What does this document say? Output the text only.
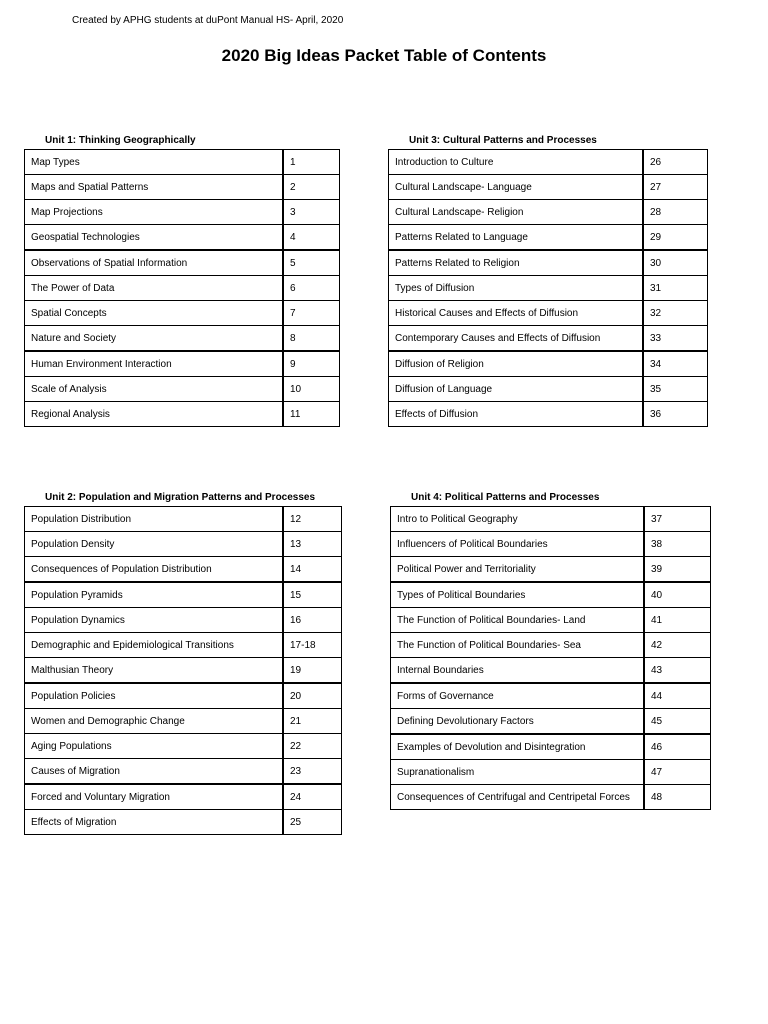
Created by APHG students at duPont Manual HS- April, 2020
2020 Big Ideas Packet Table of Contents
Unit 1: Thinking Geographically
Map Types	1
Maps and Spatial Patterns	2
Map Projections	3
Geospatial Technologies	4
Observations of Spatial Information	5
The Power of Data	6
Spatial Concepts	7
Nature and Society	8
Human Environment Interaction	9
Scale of Analysis	10
Regional Analysis	11
Unit 3: Cultural Patterns and Processes
Introduction to Culture	26
Cultural Landscape- Language	27
Cultural Landscape- Religion	28
Patterns Related to Language	29
Patterns Related to Religion	30
Types of Diffusion	31
Historical Causes and Effects of Diffusion	32
Contemporary Causes and Effects of Diffusion	33
Diffusion of Religion	34
Diffusion of Language	35
Effects of Diffusion	36
Unit 2: Population and Migration Patterns and Processes
Population Distribution	12
Population Density	13
Consequences of Population Distribution	14
Population Pyramids	15
Population Dynamics	16
Demographic and Epidemiological Transitions	17-18
Malthusian Theory	19
Population Policies	20
Women and Demographic Change	21
Aging Populations	22
Causes of Migration	23
Forced and Voluntary Migration	24
Effects of Migration	25
Unit 4: Political Patterns and Processes
Intro to Political Geography	37
Influencers of Political Boundaries	38
Political Power and Territoriality	39
Types of Political Boundaries	40
The Function of Political Boundaries- Land	41
The Function of Political Boundaries- Sea	42
Internal Boundaries	43
Forms of Governance	44
Defining Devolutionary Factors	45
Examples of Devolution and Disintegration	46
Supranationalism	47
Consequences of Centrifugal and Centripetal Forces	48
